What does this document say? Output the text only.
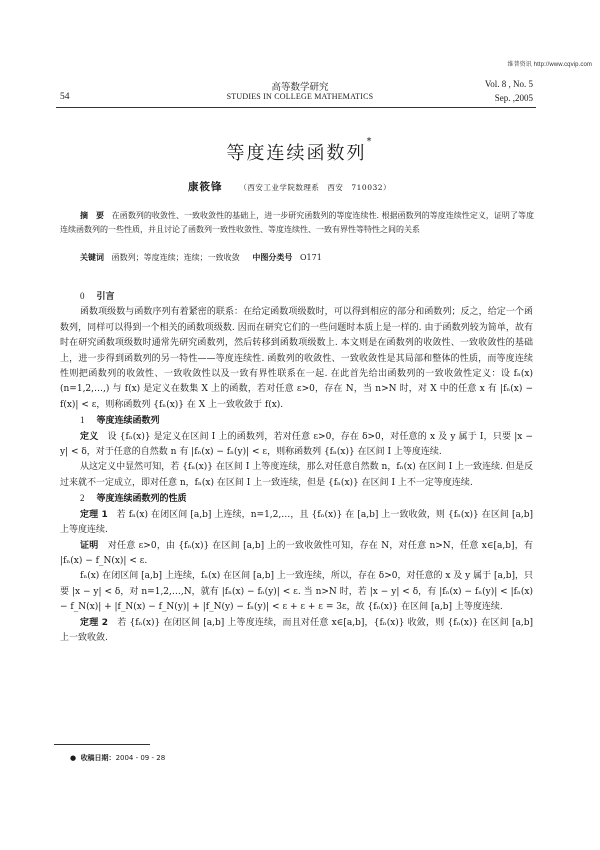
维普资讯 http://www.cqvip.com
高等数学研究
STUDIES IN COLLEGE MATHEMATICS
Vol. 8 , No. 5
Sep. ,2005
54
等度连续函数列*
康筱锋 （西安工业学院数理系　西安　710032）
摘　要 在函数列的收敛性、一致收敛性的基础上，进一步研究函数列的等度连续性. 根据函数列的等度连续性定义，证明了等度连续函数列的一些性质，并且讨论了函数列一致性收敛性、等度连续性、一致有界性等特性之间的关系
关键词 函数列；等度连续；连续；一致收敛 中图分类号 O171

0 引言

函数项级数与函数序列有着紧密的联系：在给定函数项级数时，可以得到相应的部分和函数列；反之，给定一个函数列，同样可以得到一个相关的函数项级数. 因而在研究它们的一些问题时本质上是一样的. 由于函数列较为简单，故有时在研究函数项级数时通常先研究函数列，然后转移到函数项级数上. 本文则是在函数列的收敛性、一致收敛性的基础上，进一步得到函数列的另一特性——等度连续性. 函数列的收敛性、一致收敛性是其局部和整体的性质，而等度连续性则把函数列的收敛性、一致收敛性以及一致有界性联系在一起. 在此首先给出函数列的一致收敛性定义：设 fₙ(x)(n=1,2,…,) 与 f(x) 是定义在数集 X 上的函数，若对任意 ε>0，存在 N，当 n>N 时，对 X 中的任意 x 有 |fₙ(x) − f(x)| < ε，则称函数列 {fₙ(x)} 在 X 上一致收敛于 f(x).

1 等度连续函数列

定义 设 {fₙ(x)} 是定义在区间 I 上的函数列，若对任意 ε>0，存在 δ>0，对任意的 x 及 y 属于 I，只要 |x − y| < δ，对于任意的自然数 n 有 |fₙ(x) − fₙ(y)| < ε，则称函数列 {fₙ(x)} 在区间 I 上等度连续.

从这定义中显然可知，若 {fₙ(x)} 在区间 I 上等度连续，那么对任意自然数 n，fₙ(x) 在区间 I 上一致连续. 但是反过来就不一定成立，即对任意 n，fₙ(x) 在区间 I 上一致连续，但是 {fₙ(x)} 在区间 I 上不一定等度连续.

2 等度连续函数列的性质

定理 1 若 fₙ(x) 在闭区间 [a,b] 上连续，n=1,2,…，且 {fₙ(x)} 在 [a,b] 上一致收敛，则 {fₙ(x)} 在区间 [a,b] 上等度连续.

证明 对任意 ε>0，由 {fₙ(x)} 在区间 [a,b] 上的一致收敛性可知，存在 N，对任意 n>N，任意 x∈[a,b]，有 |fₙ(x) − f_N(x)| < ε.

fₙ(x) 在闭区间 [a,b] 上连续，fₙ(x) 在区间 [a,b] 上一致连续，所以，存在 δ>0，对任意的 x 及 y 属于 [a,b]，只要 |x − y| < δ，对 n=1,2,…,N，就有 |fₙ(x) − fₙ(y)| < ε. 当 n>N 时，若 |x − y| < δ，有 |fₙ(x) − fₙ(y)| < |fₙ(x) − f_N(x)| + |f_N(x) − f_N(y)| + |f_N(y) − fₙ(y)| < ε + ε + ε = 3ε，故 {fₙ(x)} 在区间 [a,b] 上等度连续.

定理 2 若 {fₙ(x)} 在闭区间 [a,b] 上等度连续，而且对任意 x∈[a,b]，{fₙ(x)} 收敛，则 {fₙ(x)} 在区间 [a,b] 上一致收敛.

● 收稿日期：2004 - 09 - 28
